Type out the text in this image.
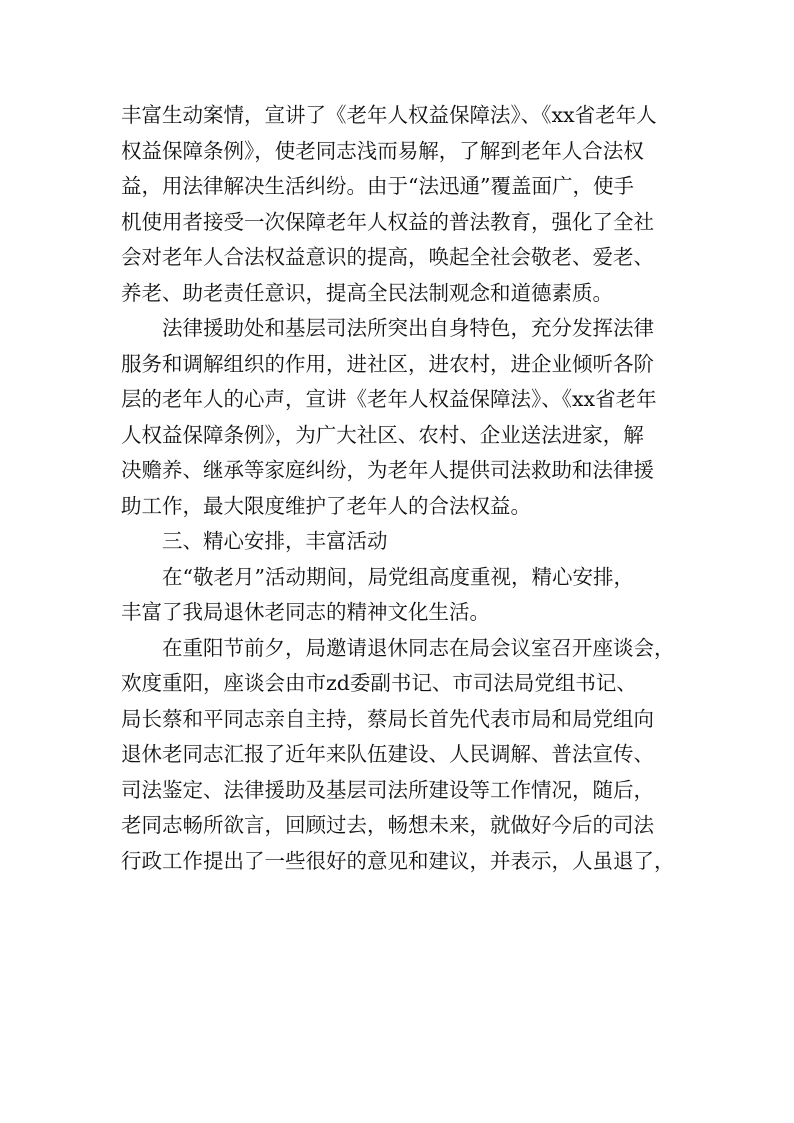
丰富生动案情，宣讲了《老年人权益保障法》、《xx省老年人
权益保障条例》，使老同志浅而易解，了解到老年人合法权
益，用法律解决生活纠纷。由于“法迅通”覆盖面广，使手
机使用者接受一次保障老年人权益的普法教育，强化了全社
会对老年人合法权益意识的提高，唤起全社会敬老、爱老、
养老、助老责任意识，提高全民法制观念和道德素质。
法律援助处和基层司法所突出自身特色，充分发挥法律
服务和调解组织的作用，进社区，进农村，进企业倾听各阶
层的老年人的心声，宣讲《老年人权益保障法》、《xx省老年
人权益保障条例》，为广大社区、农村、企业送法进家，解
决赡养、继承等家庭纠纷，为老年人提供司法救助和法律援
助工作，最大限度维护了老年人的合法权益。
三、精心安排，丰富活动
在“敬老月”活动期间，局党组高度重视，精心安排，
丰富了我局退休老同志的精神文化生活。
在重阳节前夕，局邀请退休同志在局会议室召开座谈会，
欢度重阳，座谈会由市zd委副书记、市司法局党组书记、
局长蔡和平同志亲自主持，蔡局长首先代表市局和局党组向
退休老同志汇报了近年来队伍建设、人民调解、普法宣传、
司法鉴定、法律援助及基层司法所建设等工作情况，随后，
老同志畅所欲言，回顾过去，畅想未来，就做好今后的司法
行政工作提出了一些很好的意见和建议，并表示，人虽退了，
